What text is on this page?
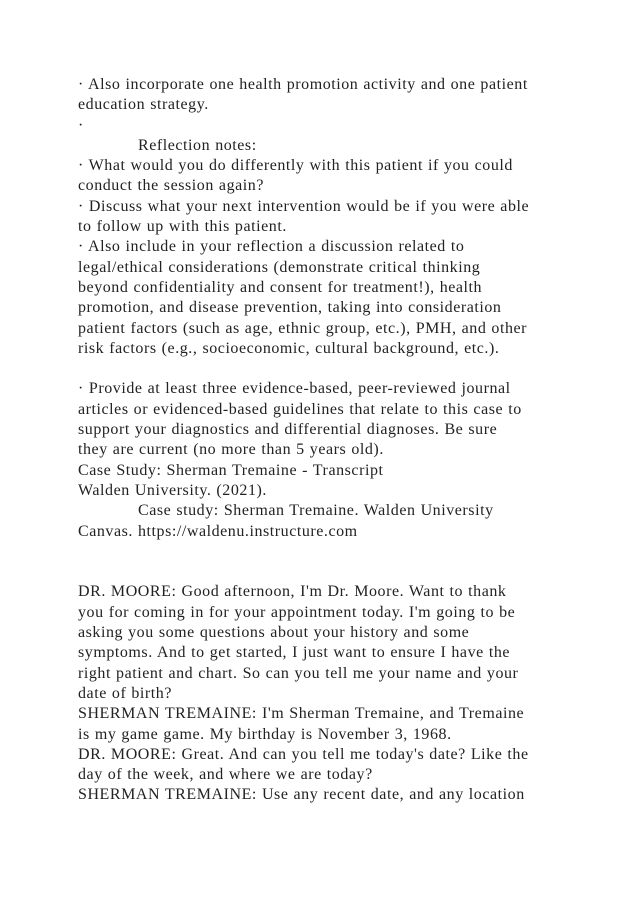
· Also incorporate one health promotion activity and one patient
education strategy.
·
Reflection notes:
· What would you do differently with this patient if you could
conduct the session again?
· Discuss what your next intervention would be if you were able
to follow up with this patient.
· Also include in your reflection a discussion related to
legal/ethical considerations (demonstrate critical thinking
beyond confidentiality and consent for treatment!), health
promotion, and disease prevention, taking into consideration
patient factors (such as age, ethnic group, etc.), PMH, and other
risk factors (e.g., socioeconomic, cultural background, etc.).
· Provide at least three evidence-based, peer-reviewed journal
articles or evidenced-based guidelines that relate to this case to
support your diagnostics and differential diagnoses. Be sure
they are current (no more than 5 years old).
Case Study: Sherman Tremaine - Transcript
Walden University. (2021).
Case study: Sherman Tremaine. Walden University
Canvas. https://waldenu.instructure.com
DR. MOORE: Good afternoon, I'm Dr. Moore. Want to thank
you for coming in for your appointment today. I'm going to be
asking you some questions about your history and some
symptoms. And to get started, I just want to ensure I have the
right patient and chart. So can you tell me your name and your
date of birth?
SHERMAN TREMAINE: I'm Sherman Tremaine, and Tremaine
is my game game. My birthday is November 3, 1968.
DR. MOORE: Great. And can you tell me today's date? Like the
day of the week, and where we are today?
SHERMAN TREMAINE: Use any recent date, and any location
